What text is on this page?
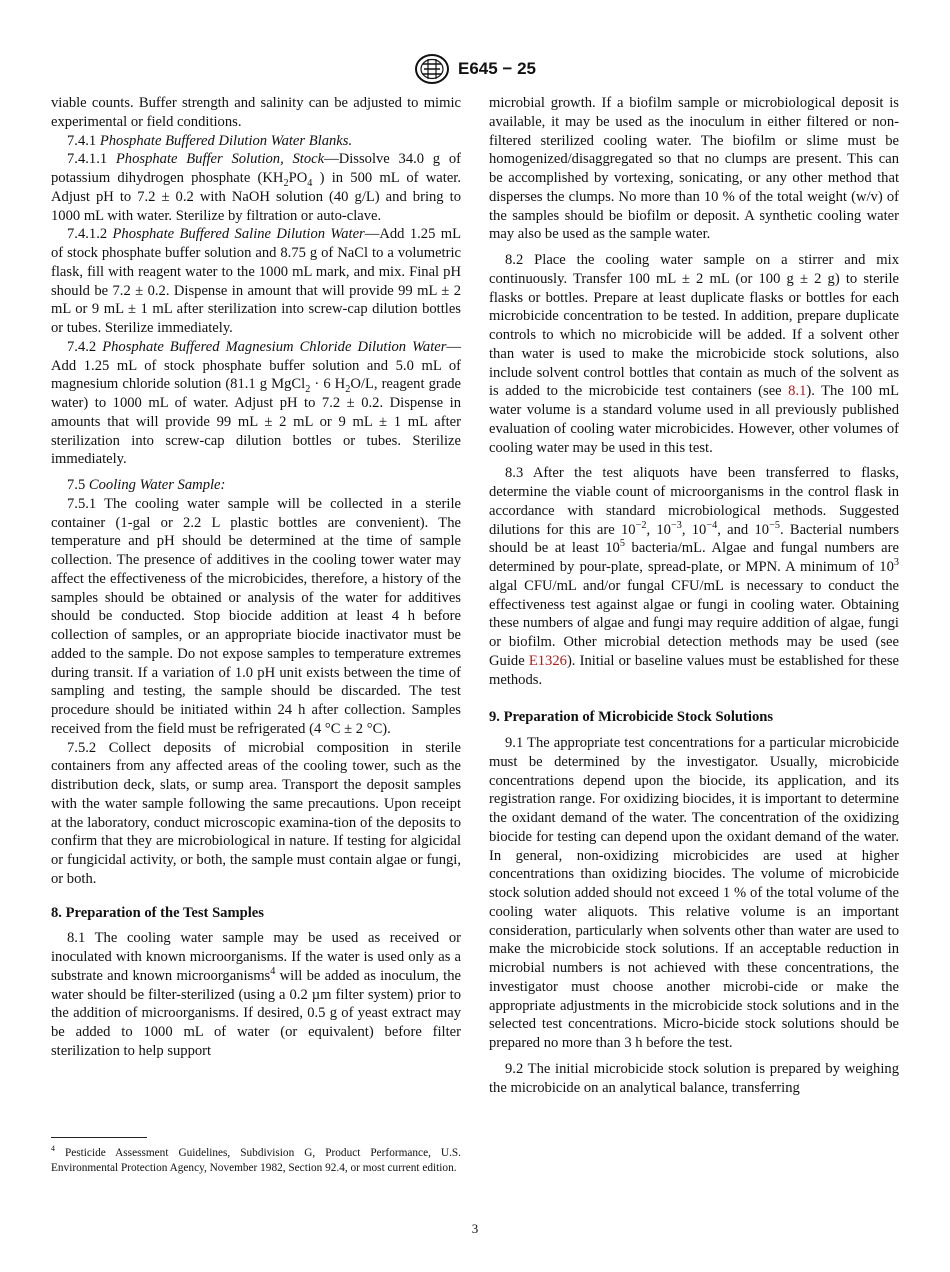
E645 − 25

viable counts. Buffer strength and salinity can be adjusted to mimic experimental or field conditions.

7.4.1 Phosphate Buffered Dilution Water Blanks.

7.4.1.1 Phosphate Buffer Solution, Stock—Dissolve 34.0 g of potassium dihydrogen phosphate ($KH_2PO_4$ ) in 500 mL of water. Adjust pH to 7.2 ± 0.2 with NaOH solution (40 g/L) and bring to 1000 mL with water. Sterilize by filtration or auto-clave.

7.4.1.2 Phosphate Buffered Saline Dilution Water—Add 1.25 mL of stock phosphate buffer solution and 8.75 g of NaCl to a volumetric flask, fill with reagent water to the 1000 mL mark, and mix. Final pH should be 7.2 ± 0.2. Dispense in amount that will provide 99 mL ± 2 mL or 9 mL ± 1 mL after sterilization into screw-cap dilution bottles or tubes. Sterilize immediately.

7.4.2 Phosphate Buffered Magnesium Chloride Dilution Water—Add 1.25 mL of stock phosphate buffer solution and 5.0 mL of magnesium chloride solution (81.1 g MgCl$_2$ · 6 $H_2O/L$, reagent grade water) to 1000 mL of water. Adjust pH to 7.2 ± 0.2. Dispense in amounts that will provide 99 mL ± 2 mL or 9 mL ± 1 mL after sterilization into screw-cap dilution bottles or tubes. Sterilize immediately.

7.5 Cooling Water Sample:

7.5.1 The cooling water sample will be collected in a sterile container (1-gal or 2.2 L plastic bottles are convenient). The temperature and pH should be determined at the time of sample collection. The presence of additives in the cooling tower water may affect the effectiveness of the microbicides, therefore, a history of the samples should be obtained or analysis of the water for additives should be conducted. Stop biocide addition at least 4 h before collection of samples, or an appropriate biocide inactivator must be added to the sample. Do not expose samples to temperature extremes during transit. If a variation of 1.0 pH unit exists between the time of sampling and testing, the sample should be discarded. The test procedure should be initiated within 24 h after collection. Samples received from the field must be refrigerated (4 °C ± 2 °C).

7.5.2 Collect deposits of microbial composition in sterile containers from any affected areas of the cooling tower, such as the distribution deck, slats, or sump area. Transport the deposit samples with the water sample following the same precautions. Upon receipt at the laboratory, conduct microscopic examina-tion of the deposits to confirm that they are microbiological in nature. If testing for algicidal or fungicidal activity, or both, the sample must contain algae or fungi, or both.

8. Preparation of the Test Samples

8.1 The cooling water sample may be used as received or inoculated with known microorganisms. If the water is used only as a substrate and known microorganisms$^4$ will be added as inoculum, the water should be filter-sterilized (using a 0.2 µm filter system) prior to the addition of microorganisms. If desired, 0.5 g of yeast extract may be added to 1000 mL of water (or equivalent) before filter sterilization to help support

$^4$ Pesticide Assessment Guidelines, Subdivision G, Product Performance, U.S. Environmental Protection Agency, November 1982, Section 92.4, or most current edition.

microbial growth. If a biofilm sample or microbiological deposit is available, it may be used as the inoculum in either filtered or non-filtered sterilized cooling water. The biofilm or slime must be homogenized/disaggregated so that no clumps are present. This can be accomplished by vortexing, sonicating, or any other method that disperses the clumps. No more than 10 % of the total weight (w/v) of the samples should be biofilm or deposit. A synthetic cooling water may also be used as the sample water.

8.2 Place the cooling water sample on a stirrer and mix continuously. Transfer 100 mL ± 2 mL (or 100 g ± 2 g) to sterile flasks or bottles. Prepare at least duplicate flasks or bottles for each microbicide concentration to be tested. In addition, prepare duplicate controls to which no microbicide will be added. If a solvent other than water is used to make the microbicide stock solutions, also include solvent control bottles that contain as much of the solvent as is added to the microbicide test containers (see 8.1). The 100 mL water volume is a standard volume used in all previously published evaluation of cooling water microbicides. However, other volumes of cooling water may be used in this test.

8.3 After the test aliquots have been transferred to flasks, determine the viable count of microorganisms in the control flask in accordance with standard microbiological methods. Suggested dilutions for this are $10^{-2}$, $10^{-3}$, $10^{-4}$, and $10^{-5}$. Bacterial numbers should be at least $10^5$ bacteria/mL. Algae and fungal numbers are determined by pour-plate, spread-plate, or MPN. A minimum of $10^3$ algal CFU/mL and/or fungal CFU/mL is necessary to conduct the effectiveness test against algae or fungi in cooling water. Obtaining these numbers of algae and fungi may require addition of algae, fungi or biofilm. Other microbial detection methods may be used (see Guide E1326). Initial or baseline values must be established for these methods.

9. Preparation of Microbicide Stock Solutions

9.1 The appropriate test concentrations for a particular microbicide must be determined by the investigator. Usually, microbicide concentrations depend upon the biocide, its application, and its registration range. For oxidizing biocides, it is important to determine the oxidant demand of the water. The concentration of the oxidizing biocide for testing can depend upon the oxidant demand of the water. In general, non-oxidizing microbicides are used at higher concentrations than oxidizing biocides. The volume of microbicide stock solution added should not exceed 1 % of the total volume of the cooling water aliquots. This relative volume is an important consideration, particularly when solvents other than water are used to make the microbicide stock solutions. If an acceptable reduction in microbial numbers is not achieved with these concentrations, the investigator must choose another microbi-cide or make the appropriate adjustments in the microbicide stock solutions and in the selected test concentrations. Micro-bicide stock solutions should be prepared no more than 3 h before the test.

9.2 The initial microbicide stock solution is prepared by weighing the microbicide on an analytical balance, transferring

3
